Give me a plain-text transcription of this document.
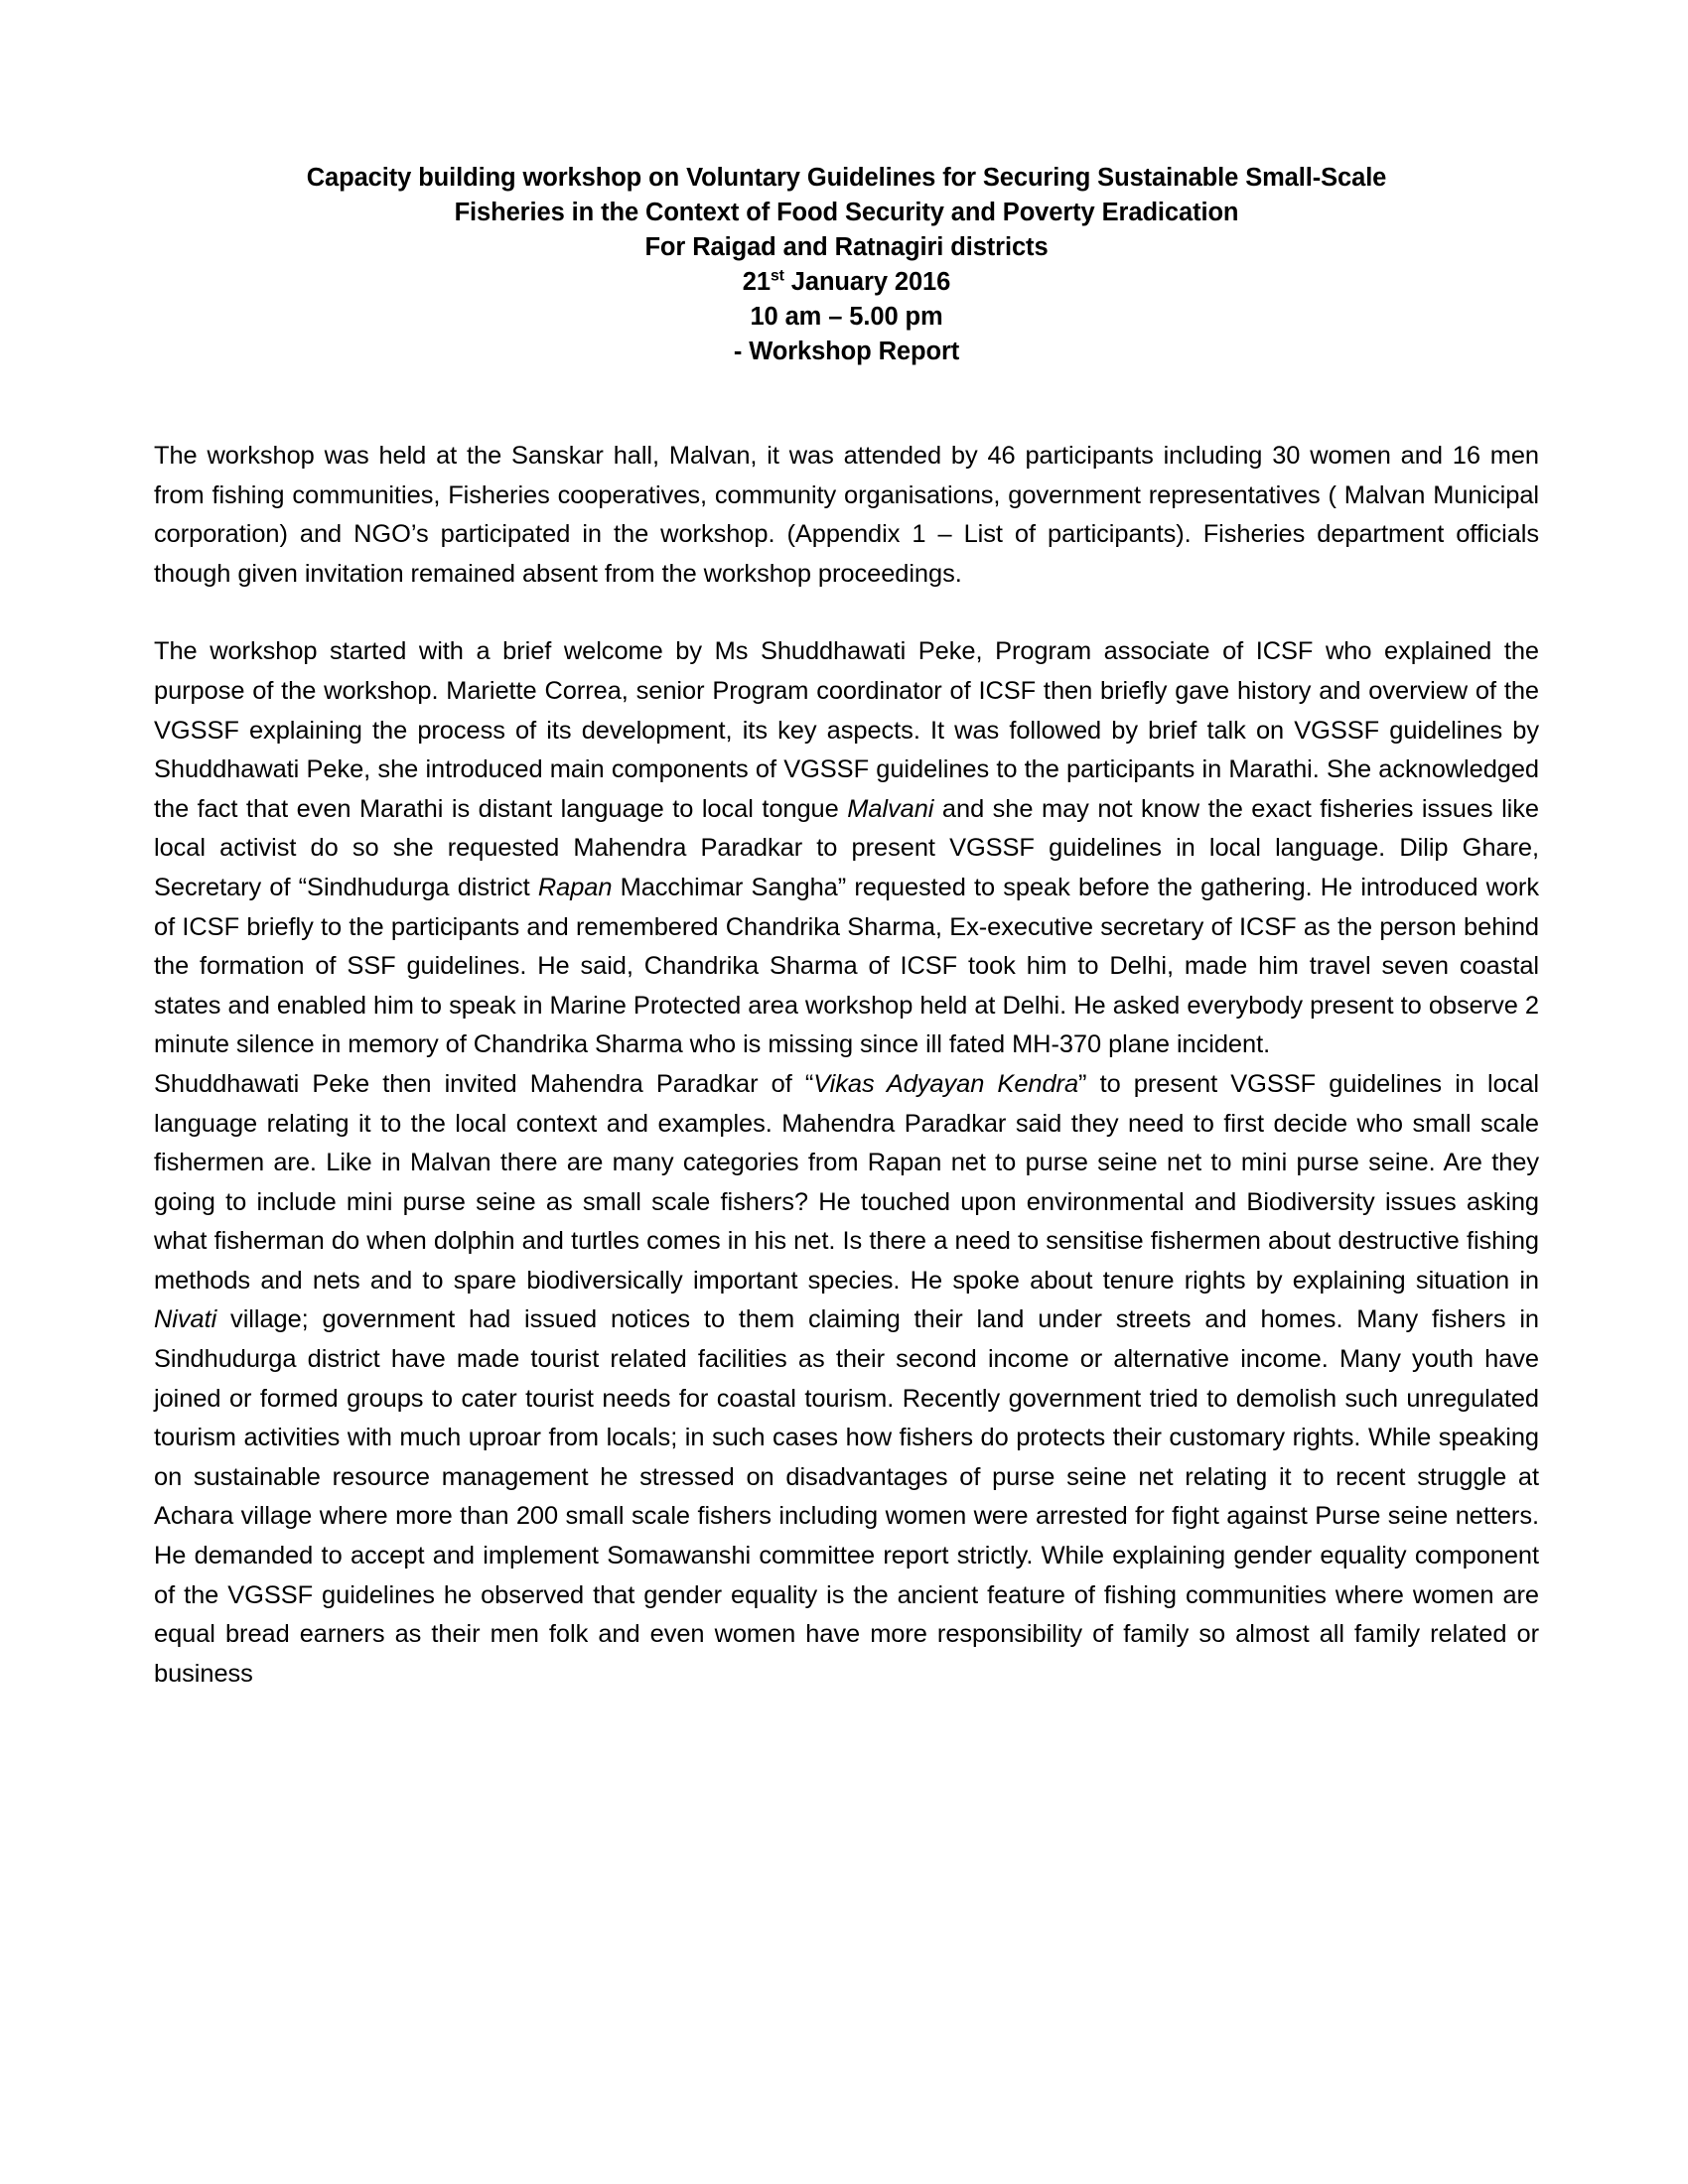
Capacity building workshop on Voluntary Guidelines for Securing Sustainable Small-Scale
Fisheries in the Context of Food Security and Poverty Eradication
For Raigad and Ratnagiri districts
21st January 2016
10 am – 5.00 pm
- Workshop Report

The workshop was held at the Sanskar hall, Malvan, it was attended by 46 participants including 30 women and 16 men from fishing communities, Fisheries cooperatives, community organisations, government representatives ( Malvan Municipal corporation) and NGO’s participated in the workshop. (Appendix 1 – List of participants). Fisheries department officials though given invitation remained absent from the workshop proceedings.

The workshop started with a brief welcome by Ms Shuddhawati Peke, Program associate of ICSF who explained the purpose of the workshop. Mariette Correa, senior Program coordinator of ICSF then briefly gave history and overview of the VGSSF explaining the process of its development, its key aspects. It was followed by brief talk on VGSSF guidelines by Shuddhawati Peke, she introduced main components of VGSSF guidelines to the participants in Marathi. She acknowledged the fact that even Marathi is distant language to local tongue Malvani and she may not know the exact fisheries issues like local activist do so she requested Mahendra Paradkar to present VGSSF guidelines in local language. Dilip Ghare, Secretary of “Sindhudurga district Rapan Macchimar Sangha” requested to speak before the gathering. He introduced work of ICSF briefly to the participants and remembered Chandrika Sharma, Ex-executive secretary of ICSF as the person behind the formation of SSF guidelines. He said, Chandrika Sharma of ICSF took him to Delhi, made him travel seven coastal states and enabled him to speak in Marine Protected area workshop held at Delhi. He asked everybody present to observe 2 minute silence in memory of Chandrika Sharma who is missing since ill fated MH-370 plane incident.

Shuddhawati Peke then invited Mahendra Paradkar of “Vikas Adyayan Kendra” to present VGSSF guidelines in local language relating it to the local context and examples. Mahendra Paradkar said they need to first decide who small scale fishermen are. Like in Malvan there are many categories from Rapan net to purse seine net to mini purse seine. Are they going to include mini purse seine as small scale fishers? He touched upon environmental and Biodiversity issues asking what fisherman do when dolphin and turtles comes in his net. Is there a need to sensitise fishermen about destructive fishing methods and nets and to spare biodiversically important species. He spoke about tenure rights by explaining situation in Nivati village; government had issued notices to them claiming their land under streets and homes. Many fishers in Sindhudurga district have made tourist related facilities as their second income or alternative income. Many youth have joined or formed groups to cater tourist needs for coastal tourism. Recently government tried to demolish such unregulated tourism activities with much uproar from locals; in such cases how fishers do protects their customary rights. While speaking on sustainable resource management he stressed on disadvantages of purse seine net relating it to recent struggle at Achara village where more than 200 small scale fishers including women were arrested for fight against Purse seine netters. He demanded to accept and implement Somawanshi committee report strictly. While explaining gender equality component of the VGSSF guidelines he observed that gender equality is the ancient feature of fishing communities where women are equal bread earners as their men folk and even women have more responsibility of family so almost all family related or business
